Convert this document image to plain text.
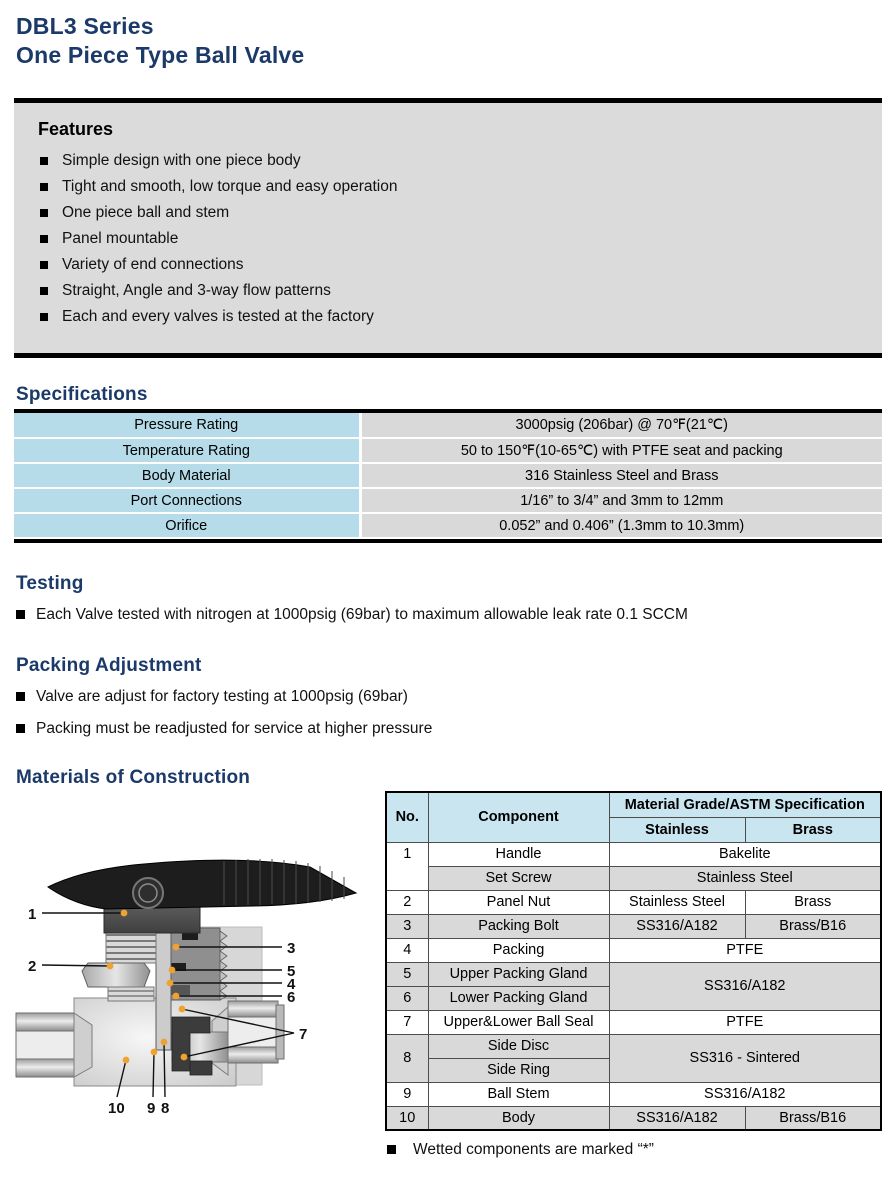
DBL3 Series
One Piece Type Ball Valve
Features
Simple design with one piece body
Tight and smooth, low torque and easy operation
One piece ball and stem
Panel mountable
Variety of end connections
Straight, Angle and 3-way flow patterns
Each and every valves is tested at the factory
Specifications
Pressure Rating	3000psig (206bar) @ 70℉(21℃)
Temperature Rating	50 to 150℉(10-65℃) with PTFE seat and packing
Body Material	316 Stainless Steel and Brass
Port Connections	1/16” to 3/4” and 3mm to 12mm
Orifice	0.052” and 0.406” (1.3mm to 10.3mm)
Testing
Each Valve tested with nitrogen at 1000psig (69bar) to maximum allowable leak rate 0.1 SCCM
Packing Adjustment
Valve are adjust for factory testing at 1000psig (69bar)
Packing must be readjusted for service at higher pressure
Materials of Construction
1
2
3
5
4
6
7
10 9 8
No.	Component	Material Grade/ASTM Specification	
		Stainless	Brass
1	Handle	Bakelite	
	Set Screw	Stainless Steel	
2	Panel Nut	Stainless Steel	Brass
3	Packing Bolt	SS316/A182	Brass/B16
4	Packing	PTFE	
5	Upper Packing Gland	SS316/A182	
6	Lower Packing Gland		
7	Upper&Lower Ball Seal	PTFE	
8	Side Disc	SS316 - Sintered	
	Side Ring		
9	Ball Stem	SS316/A182	
10	Body	SS316/A182	Brass/B16
Wetted components are marked “*”
